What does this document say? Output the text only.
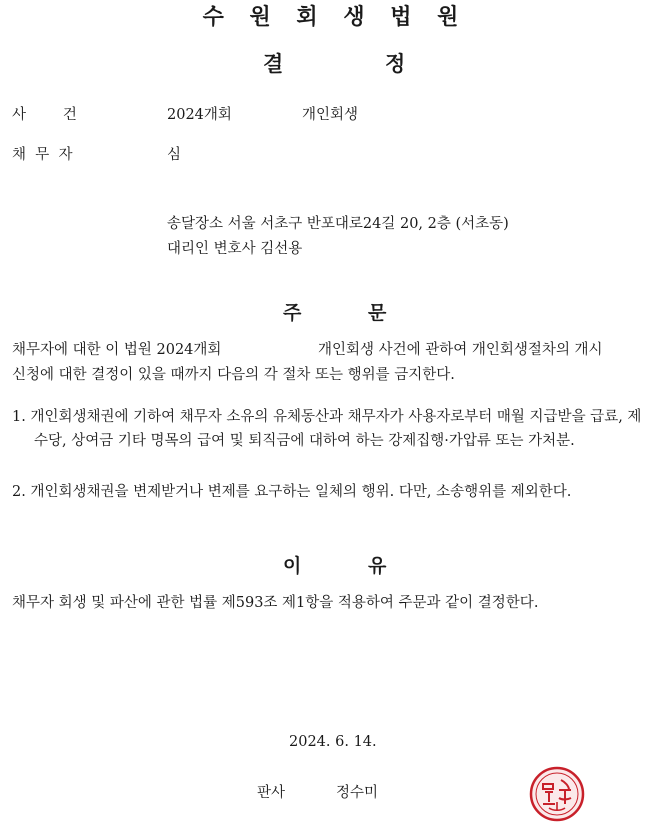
수 원 회 생 법 원
결	정
사        건	2024개회	개인회생
채  무  자	심
송달장소 서울 서초구 반포대로24길 20, 2층 (서초동)
대리인 변호사 김선용
주	문
채무자에 대한 이 법원 2024개회	개인회생 사건에 관하여 개인회생절차의 개시
신청에 대한 결정이 있을 때까지 다음의 각 절차 또는 행위를 금지한다.
1. 개인회생채권에 기하여 채무자 소유의 유체동산과 채무자가 사용자로부터 매월 지급받을 급료, 제수당, 상여금 기타 명목의 급여 및 퇴직금에 대하여 하는 강제집행·가압류 또는 가처분.
2. 개인회생채권을 변제받거나 변제를 요구하는 일체의 행위. 다만, 소송행위를 제외한다.
이	유
채무자 회생 및 파산에 관한 법률 제593조 제1항을 적용하여 주문과 같이 결정한다.
2024. 6. 14.
판사	정수미
